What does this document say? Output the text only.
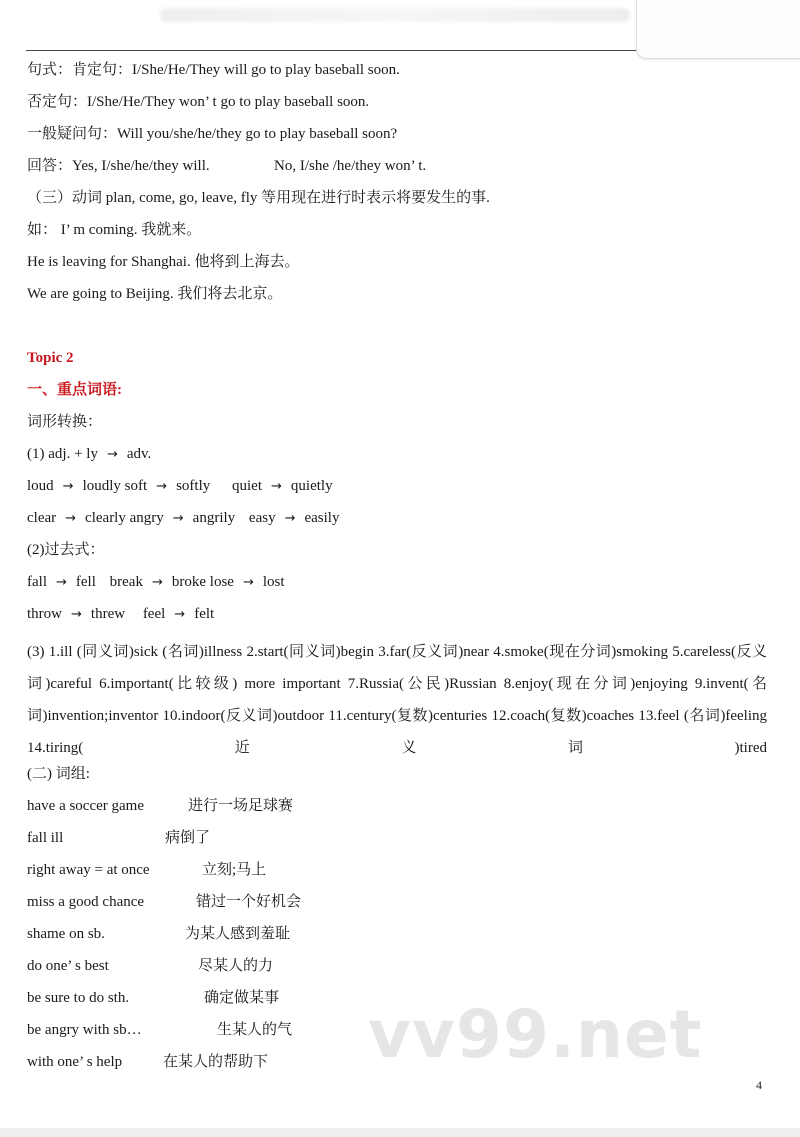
句式：肯定句：I/She/He/They will go to play baseball soon.
否定句：I/She/He/They won’ t go to play baseball soon.
一般疑问句：Will you/she/he/they go to play baseball soon?
回答：Yes, I/she/he/they will.	No, I/she /he/they won’ t.
（三）动词 plan, come, go, leave, fly 等用现在进行时表示将要发生的事.
如： I’ m coming. 我就来。
He is leaving for Shanghai. 他将到上海去。
We are going to Beijing. 我们将去北京。
Topic 2
一、重点词语:
词形转换：
(1) adj. + ly → adv.
loud → loudly soft → softly quiet → quietly
clear → clearly angry → angrily easy → easily
(2)过去式：
fall → fell break → broke lose → lost
throw → threw feel → felt
(3) 1.ill (同义词)sick (名词)illness 2.start(同义词)begin 3.far(反义词)near 4.smoke(现在分词)smoking 5.careless(反义词)careful 6.important(比较级) more important 7.Russia(公民)Russian 8.enjoy(现在分词)enjoying 9.invent(名词)invention;inventor 10.indoor(反义词)outdoor 11.century(复数)centuries 12.coach(复数)coaches 13.feel (名词)feeling 14.tiring(近义词)tired
(二) 词组:
have a soccer game	进行一场足球赛
fall ill	病倒了
right away = at once	立刻;马上
miss a good chance	错过一个好机会
shame on sb.	为某人感到羞耻
do one’ s best	尽某人的力
be sure to do sth.	确定做某事
be angry with sb…	生某人的气
with one’ s help	在某人的帮助下 vv99.net
4
